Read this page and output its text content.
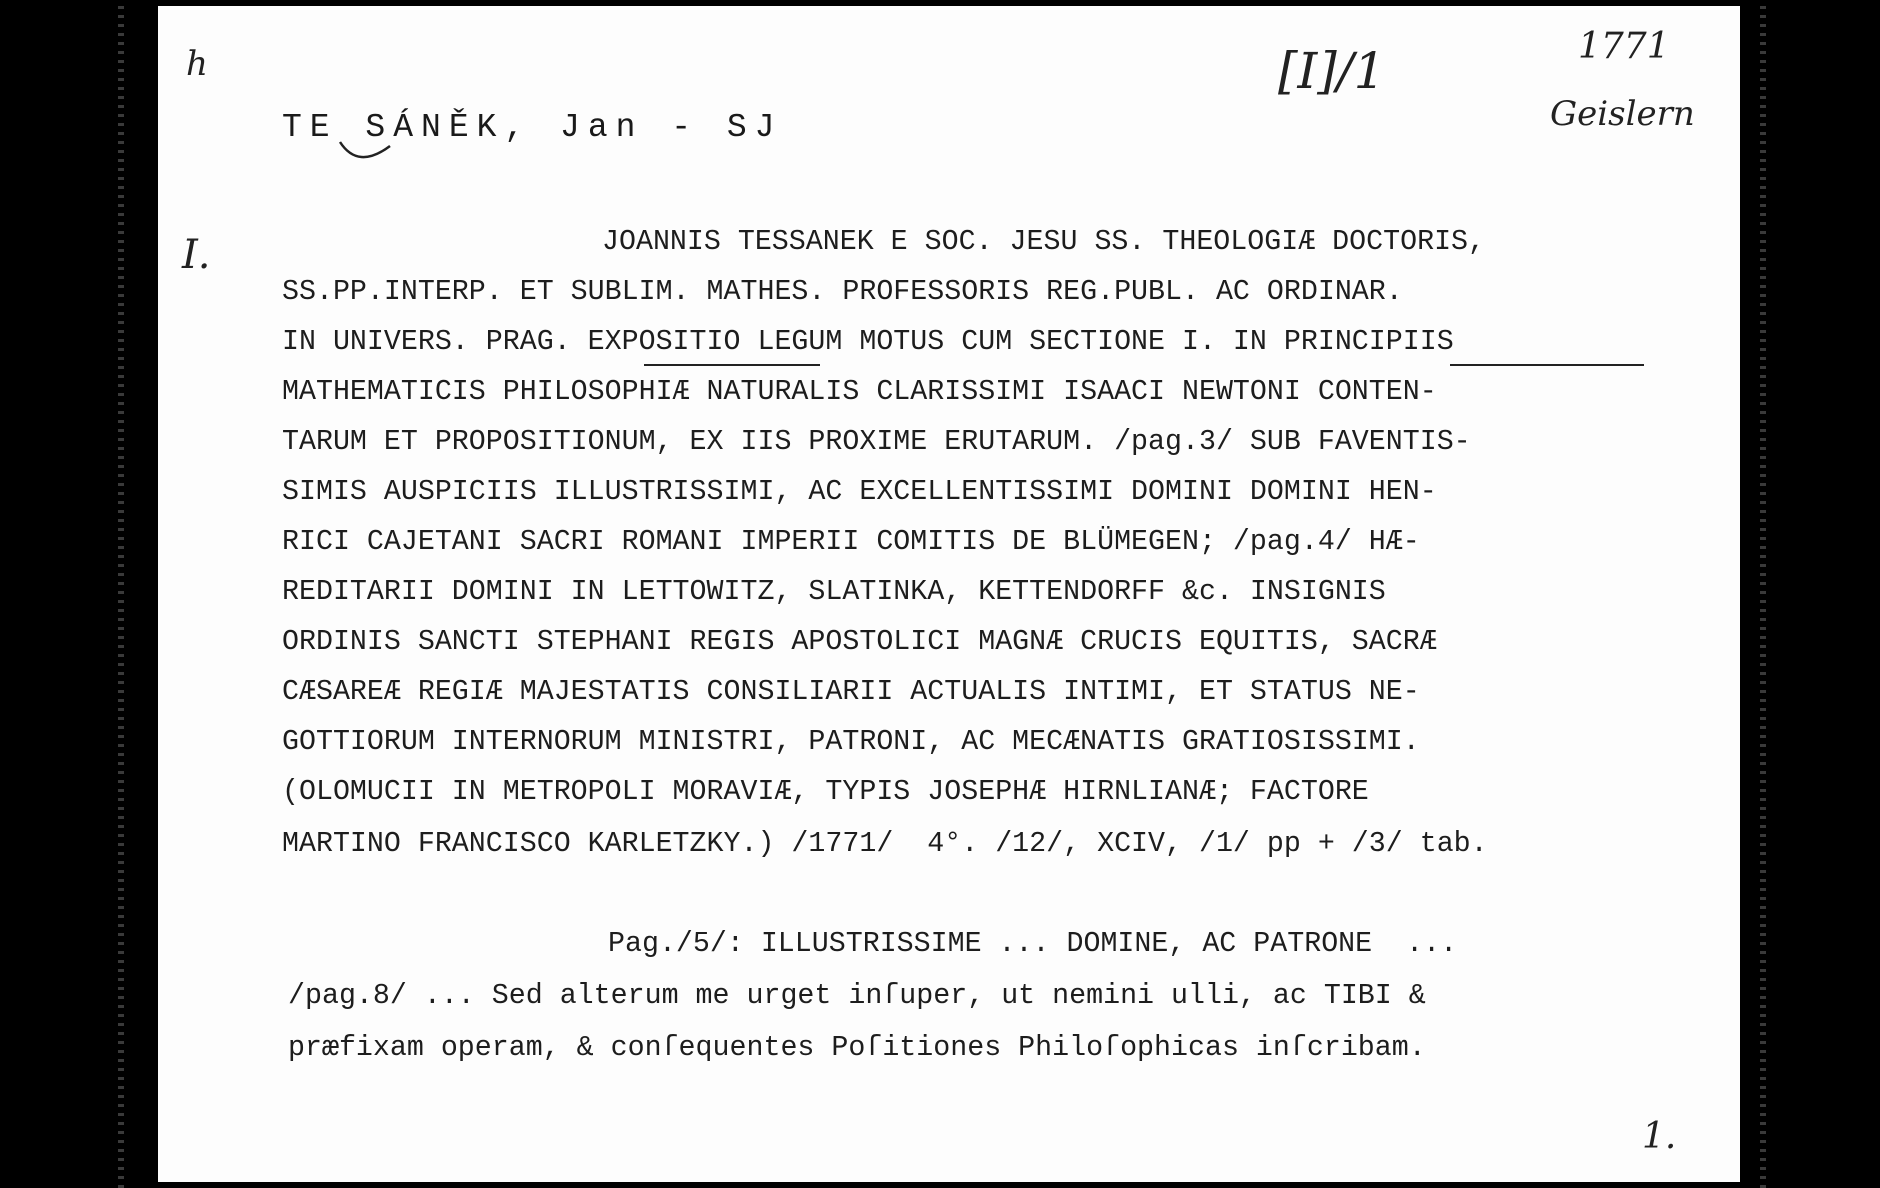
h
TE SÁNĚK, Jan - SJ
[I]/1	1771
Geislern
I.	JOANNIS TESSANEK E SOC. JESU SS. THEOLOGIÆ DOCTORIS,
SS.PP.INTERP. ET SUBLIM. MATHES. PROFESSORIS REG.PUBL. AC ORDINAR.
IN UNIVERS. PRAG. EXPOSITIO LEGUM MOTUS CUM SECTIONE I. IN PRINCIPIIS
MATHEMATICIS PHILOSOPHIÆ NATURALIS CLARISSIMI ISAACI NEWTONI CONTEN-
TARUM ET PROPOSITIONUM, EX IIS PROXIME ERUTARUM. /pag.3/ SUB FAVENTIS-
SIMIS AUSPICIIS ILLUSTRISSIMI, AC EXCELLENTISSIMI DOMINI DOMINI HEN-
RICI CAJETANI SACRI ROMANI IMPERII COMITIS DE BLÜMEGEN; /pag.4/ HÆ-
REDITARII DOMINI IN LETTOWITZ, SLATINKA, KETTENDORFF &c. INSIGNIS
ORDINIS SANCTI STEPHANI REGIS APOSTOLICI MAGNÆ CRUCIS EQUITIS, SACRÆ
CÆSAREÆ REGIÆ MAJESTATIS CONSILIARII ACTUALIS INTIMI, ET STATUS NE-
GOTTIORUM INTERNORUM MINISTRI, PATRONI, AC MECÆNATIS GRATIOSISSIMI.
(OLOMUCII IN METROPOLI MORAVIÆ, TYPIS JOSEPHÆ HIRNLIANÆ; FACTORE
MARTINO FRANCISCO KARLETZKY.) /1771/  4°. /12/, XCIV, /1/ pp + /3/ tab.
Pag./5/: ILLUSTRISSIME ... DOMINE, AC PATRONE  ...
/pag.8/ ... Sed alterum me urget inſuper, ut nemini ulli, ac TIBI &
præfixam operam, & conſequentes Poſitiones Philoſophicas inſcribam.
1.
